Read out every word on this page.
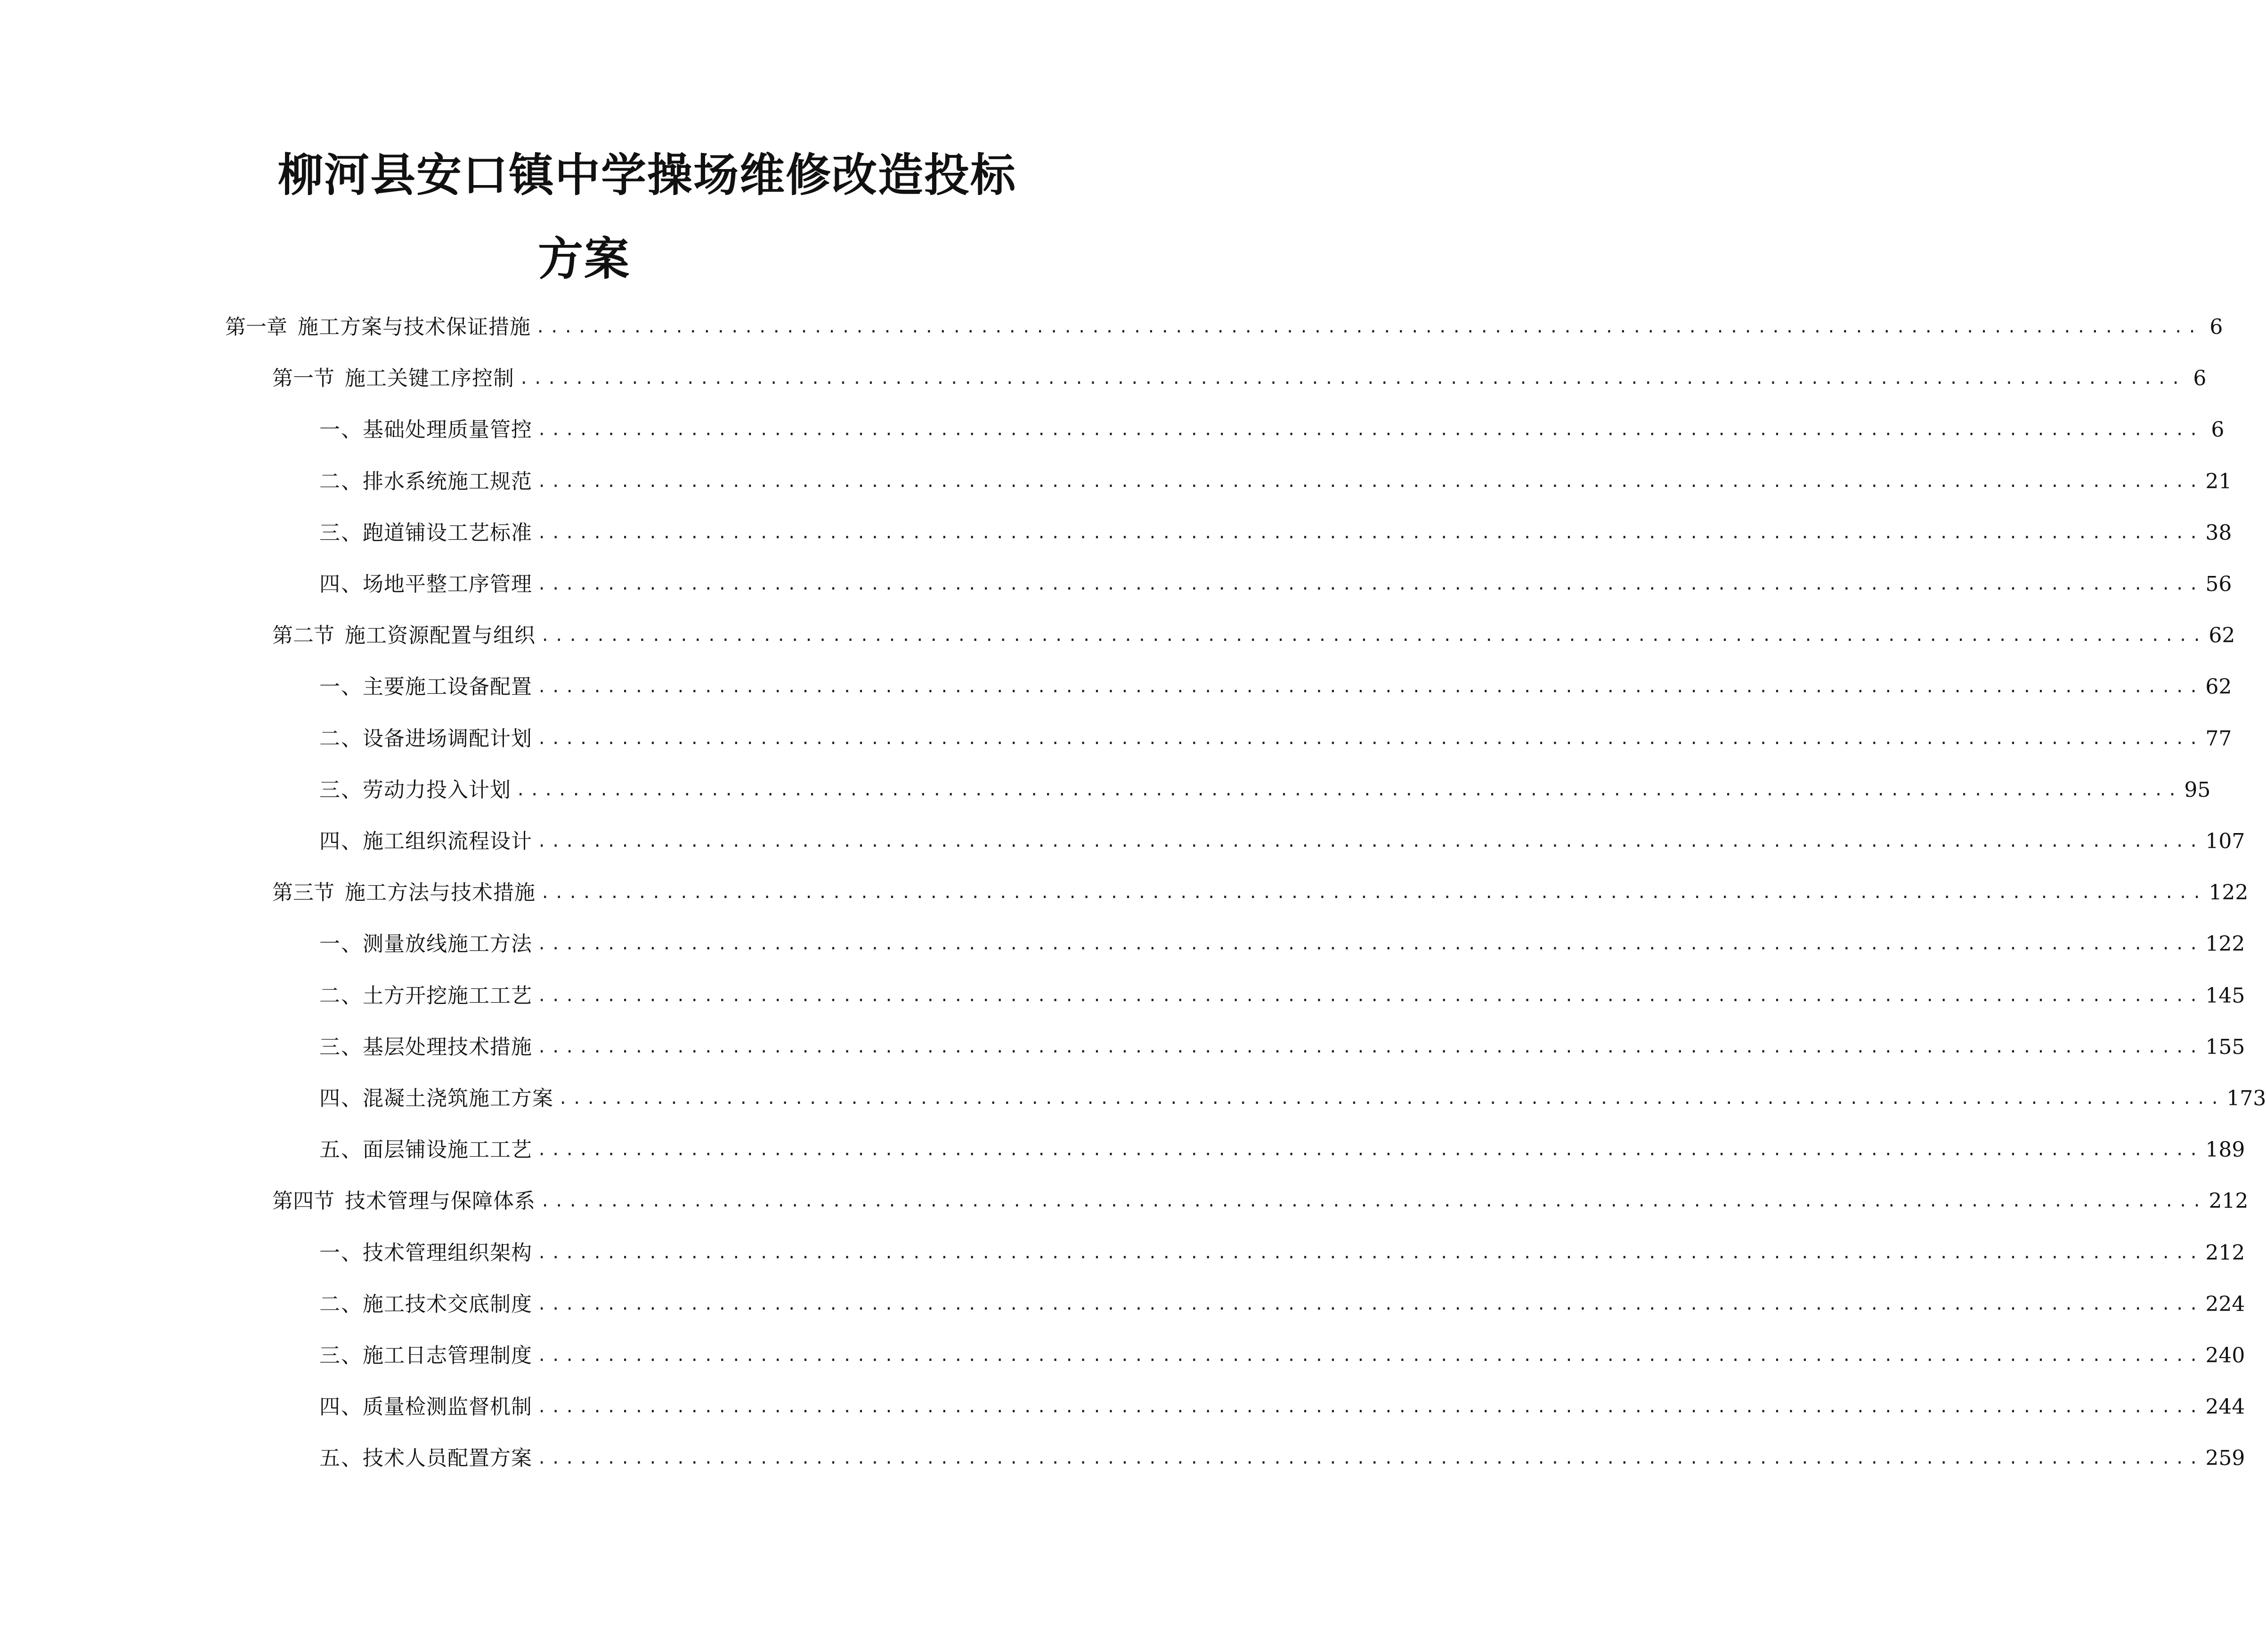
柳河县安口镇中学操场维修改造投标
方案
第一章 施工方案与技术保证措施 ........................................................................................................................ 6
第一节 施工关键工序控制 ........................................................................................................................ 6
一、 基础处理质量管控 ........................................................................................................................ 6
二、 排水系统施工规范 ........................................................................................................................ 21
三、 跑道铺设工艺标准 ........................................................................................................................ 38
四、 场地平整工序管理 ........................................................................................................................ 56
第二节 施工资源配置与组织 ........................................................................................................................ 62
一、 主要施工设备配置 ........................................................................................................................ 62
二、 设备进场调配计划 ........................................................................................................................ 77
三、 劳动力投入计划 ........................................................................................................................ 95
四、 施工组织流程设计 ........................................................................................................................ 107
第三节 施工方法与技术措施 ........................................................................................................................ 122
一、 测量放线施工方法 ........................................................................................................................ 122
二、 土方开挖施工工艺 ........................................................................................................................ 145
三、 基层处理技术措施 ........................................................................................................................ 155
四、 混凝土浇筑施工方案 ........................................................................................................................ 173
五、 面层铺设施工工艺 ........................................................................................................................ 189
第四节 技术管理与保障体系 ........................................................................................................................ 212
一、 技术管理组织架构 ........................................................................................................................ 212
二、 施工技术交底制度 ........................................................................................................................ 224
三、 施工日志管理制度 ........................................................................................................................ 240
四、 质量检测监督机制 ........................................................................................................................ 244
五、 技术人员配置方案 ........................................................................................................................ 259
